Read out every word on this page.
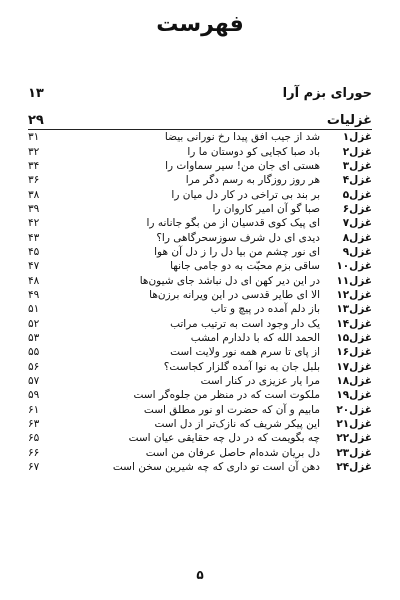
فهرست
حورای بزم آرا
۱۳
غزلیات
۲۹
غزل۱
شد از جیب افق پیدا رخ نورانی بیضا
۳۱
غزل۲
باد صبا کجایی کو دوستان ما را
۳۲
غزل۳
هستی ای جان من! سیر سماوات را
۳۴
غزل۴
هر روز روزگار به رسم دگر مرا
۳۶
غزل۵
بر بند بی تراخی در کار دل میان را
۳۸
غزل۶
صبا گو آن امیر کاروان را
۳۹
غزل۷
ای پیک کوی قدسیان از من بگو جانانه را
۴۲
غزل۸
دیدی ای دل شرف سوزسحرگاهی را؟
۴۳
غزل۹
ای نور چشم من بیا دل را ز دل آن هوا
۴۵
غزل۱۰
ساقی بزم محبّت به دو جامی جانها
۴۷
غزل۱۱
در این دیر کهن ای دل نباشد جای شیون‌ها
۴۸
غزل۱۲
الا ای طایر قدسی در این ویرانه برزن‌ها
۴۹
غزل۱۳
باز دلم آمده در پیچ و تاب
۵۱
غزل۱۴
یک دار وجود است به ترتیب مراتب
۵۲
غزل۱۵
الحمد الله که با دلدارم امشب
۵۳
غزل۱۶
از پای تا سرم همه نور ولایت است
۵۵
غزل۱۷
بلبل جان به نوا آمده گلزار کجاست؟
۵۶
غزل۱۸
مرا یار عزیزی در کنار است
۵۷
غزل۱۹
ملکوت است که در منظر من جلوه‌گر است
۵۹
غزل۲۰
مابیم و آن که حضرت او نور مطلق است
۶۱
غزل۲۱
این پیکر شریف که نازک‌تر از دل است
۶۳
غزل۲۲
چه بگویمت که در دل چه حقایقی عیان است
۶۵
غزل۲۳
دل بریان شده‌ام حاصل عرفان من است
۶۶
غزل۲۴
دهن آن است تو داری که چه شیرین سخن است
۶۷
۵
